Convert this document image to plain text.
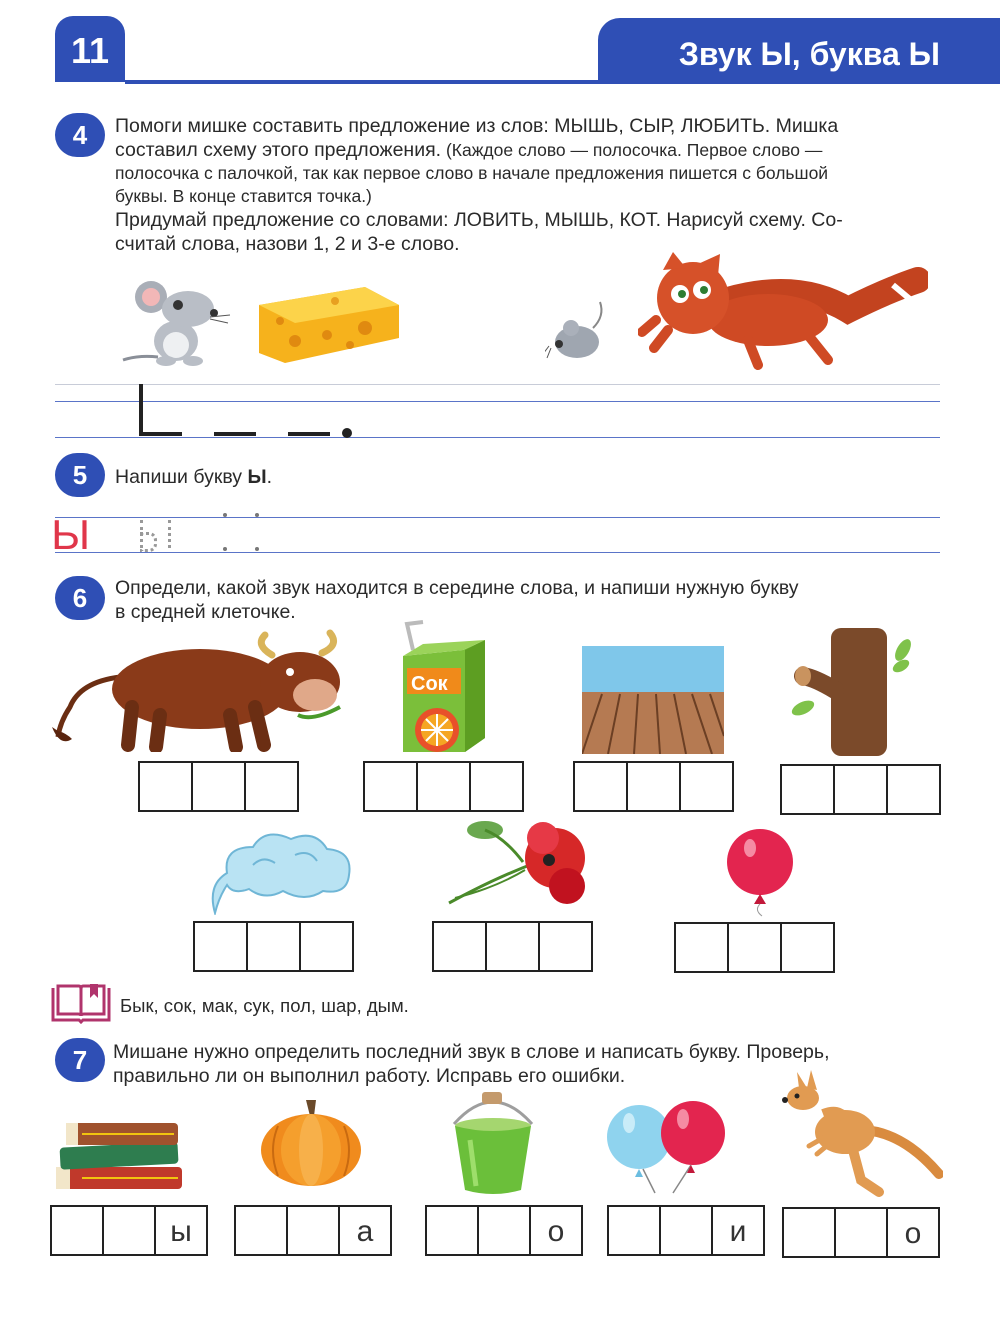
11	Звук Ы, буква Ы
4	Помоги мишке составить предложение из слов: МЫШЬ, СЫР, ЛЮБИТЬ. Мишка
составил схему этого предложения. (Каждое слово — полосочка. Первое слово —
полосочка с палочкой, так как первое слово в начале предложения пишется с большой
буквы. В конце ставится точка.)
Придумай предложение со словами: ЛОВИТЬ, МЫШЬ, КОТ. Нарисуй схему. Со-
считай слова, назови 1, 2 и 3-е слово.
5	Напиши букву Ы.
Ы
6	Определи, какой звук находится в середине слова, и напиши нужную букву
в средней клеточке.
Сок
Бык, сок, мак, сук, пол, шар, дым.
7	Мишане нужно определить последний звук в слове и написать букву. Проверь,
правильно ли он выполнил работу. Исправь его ошибки.
ы	а	о	и	о
